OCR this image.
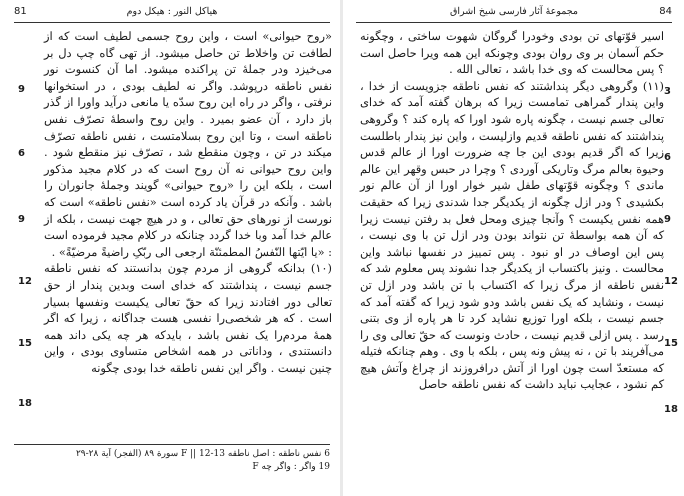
هیاکل النور : هیکل دوم
81

«روح حیوانی» است ، واین روح جسمی لطیف است که از لطافت تن واخلاط تن حاصل میشود. از تهی گاه چپ دل بر می‌خیزد ودر جملۀ تن پراکنده میشود. اما آن کنسوت نور نفس ناطقه درپوشد. واگر نه لطیف بودی ، در استخوانها نرفتی ، واگر در راه این روح سدّه یا مانعی درآید واورا از گذر باز دارد ، آن عضو بمیرد . واین روح واسطۀ تصرّف نفس ناطقه است ، وتا این روح بسلامتست ، نفس ناطقه تصرّف میکند در تن ، وچون منقطع شد ، تصرّف نیز منقطع شود . واین روح حیوانی نه آن روح است که در کلام مجید مذکور است ، بلکه این را «روح حیوانی» گویند وجملۀ جانوران را باشد . وآنکه در قرآن یاد کرده است «نفس ناطقه» است که نورست از نورهای حق تعالی ، و در هیچ جهت نیست ، بلکه از عالم خدا آمد وبا خدا گردد چنانکه در کلام مجید فرموده است : «یا ایّتها النّفسُ المطمئنّة ارجعی الی ربّکِ راضیةً مرضیّةً» .
(١٠) بدانکه گروهی از مردم چون بدانستند که نفس ناطقه جسم نیست ، پنداشتند که خدای است وبدین پندار از حق تعالی دور افتادند زیرا که حقّ تعالی یکیست ونفسها بسیار است . که هر شخصی‌را نفسی هست جداگانه ، زیرا که اگر همۀ مردم‌را یک نفس باشد ، بایدکه هر چه یکی داند همه دانستندی ، وداناتی در همه اشخاص متساوی بودی ، واین چنین نیست . واگر این نفس ناطقه خدا بودی چگونه

9
6
9
12
15
18
6 نفس ناطقه : اصل ناطقه F || 12-13 سورة ٨٩ (الفجر) آية ٢٨-٢٩
19 واگر : واگر چه F
مجموعۀ آثار فارسی شیخ اشراق	84

اسیر قوّتهای تن بودی وخودرا گروگان شهوت ساختی ، وچگونه حکم آسمان بر وی روان بودی وچونکه این همه ویرا حاصل است ؟ پس محالست که وی خدا باشد ، تعالی الله .
(١١) وگروهی دیگر پنداشتند که نفس ناطقه جزویست از خدا ، واین پندار گمراهی تمامست زیرا که برهان گفته آمد که خدای تعالی جسم نیست ، چگونه پاره شود اورا که پاره کند ؟ وگروهی پنداشتند که نفس ناطقه قدیم وازلیست ، واین نیز پندار باطلست زیرا که اگر قدیم بودی این جا چه ضرورت اورا از عالم قدس وحیوة بعالم مرگ وتاریکی آوردی ؟ وچرا در حبس وقهر این عالم ماندی ؟ وچگونه قوّتهای طفل شیر خوار اورا از آن عالم نور بکشیدی ؟ ودر ازل چگونه از یکدیگر جدا شدندی زیرا که حقیقت همه نفس یکیست ؟ وآنجا چیزی ومحل فعل بد رفتن نیست زیرا که آن همه بواسطۀ تن نتواند بودن ودر ازل تن با وی نیست ، پس این اوصاف در او نبود . پس تمییز در نفسها نباشد واین محالست . ونیز باکتساب از یکدیگر جدا نشوند پس معلوم شد که نفس ناطقه از مرگ زیرا که اکتساب با تن باشد ودر ازل تن نیست ، ونشاید که یک نفس باشد ودو شود زیرا که گفته آمد که جسم نیست ، بلکه اورا توزیع نشاید کرد تا هر پاره از وی بتنی رسد . پس ازلی قدیم نیست ، حادث ونوست که حقّ تعالی وی را می‌آفریند با تن ، نه پیش ونه پس ، بلکه با وی . وهم چنانکه فتیله که مستعدّ است چون اورا از آتش درافروزند از چراغ وآتش هیچ کم نشود ، عجایب نباید داشت که نفس ناطقه حاصل

3
6
9
12
15
18
